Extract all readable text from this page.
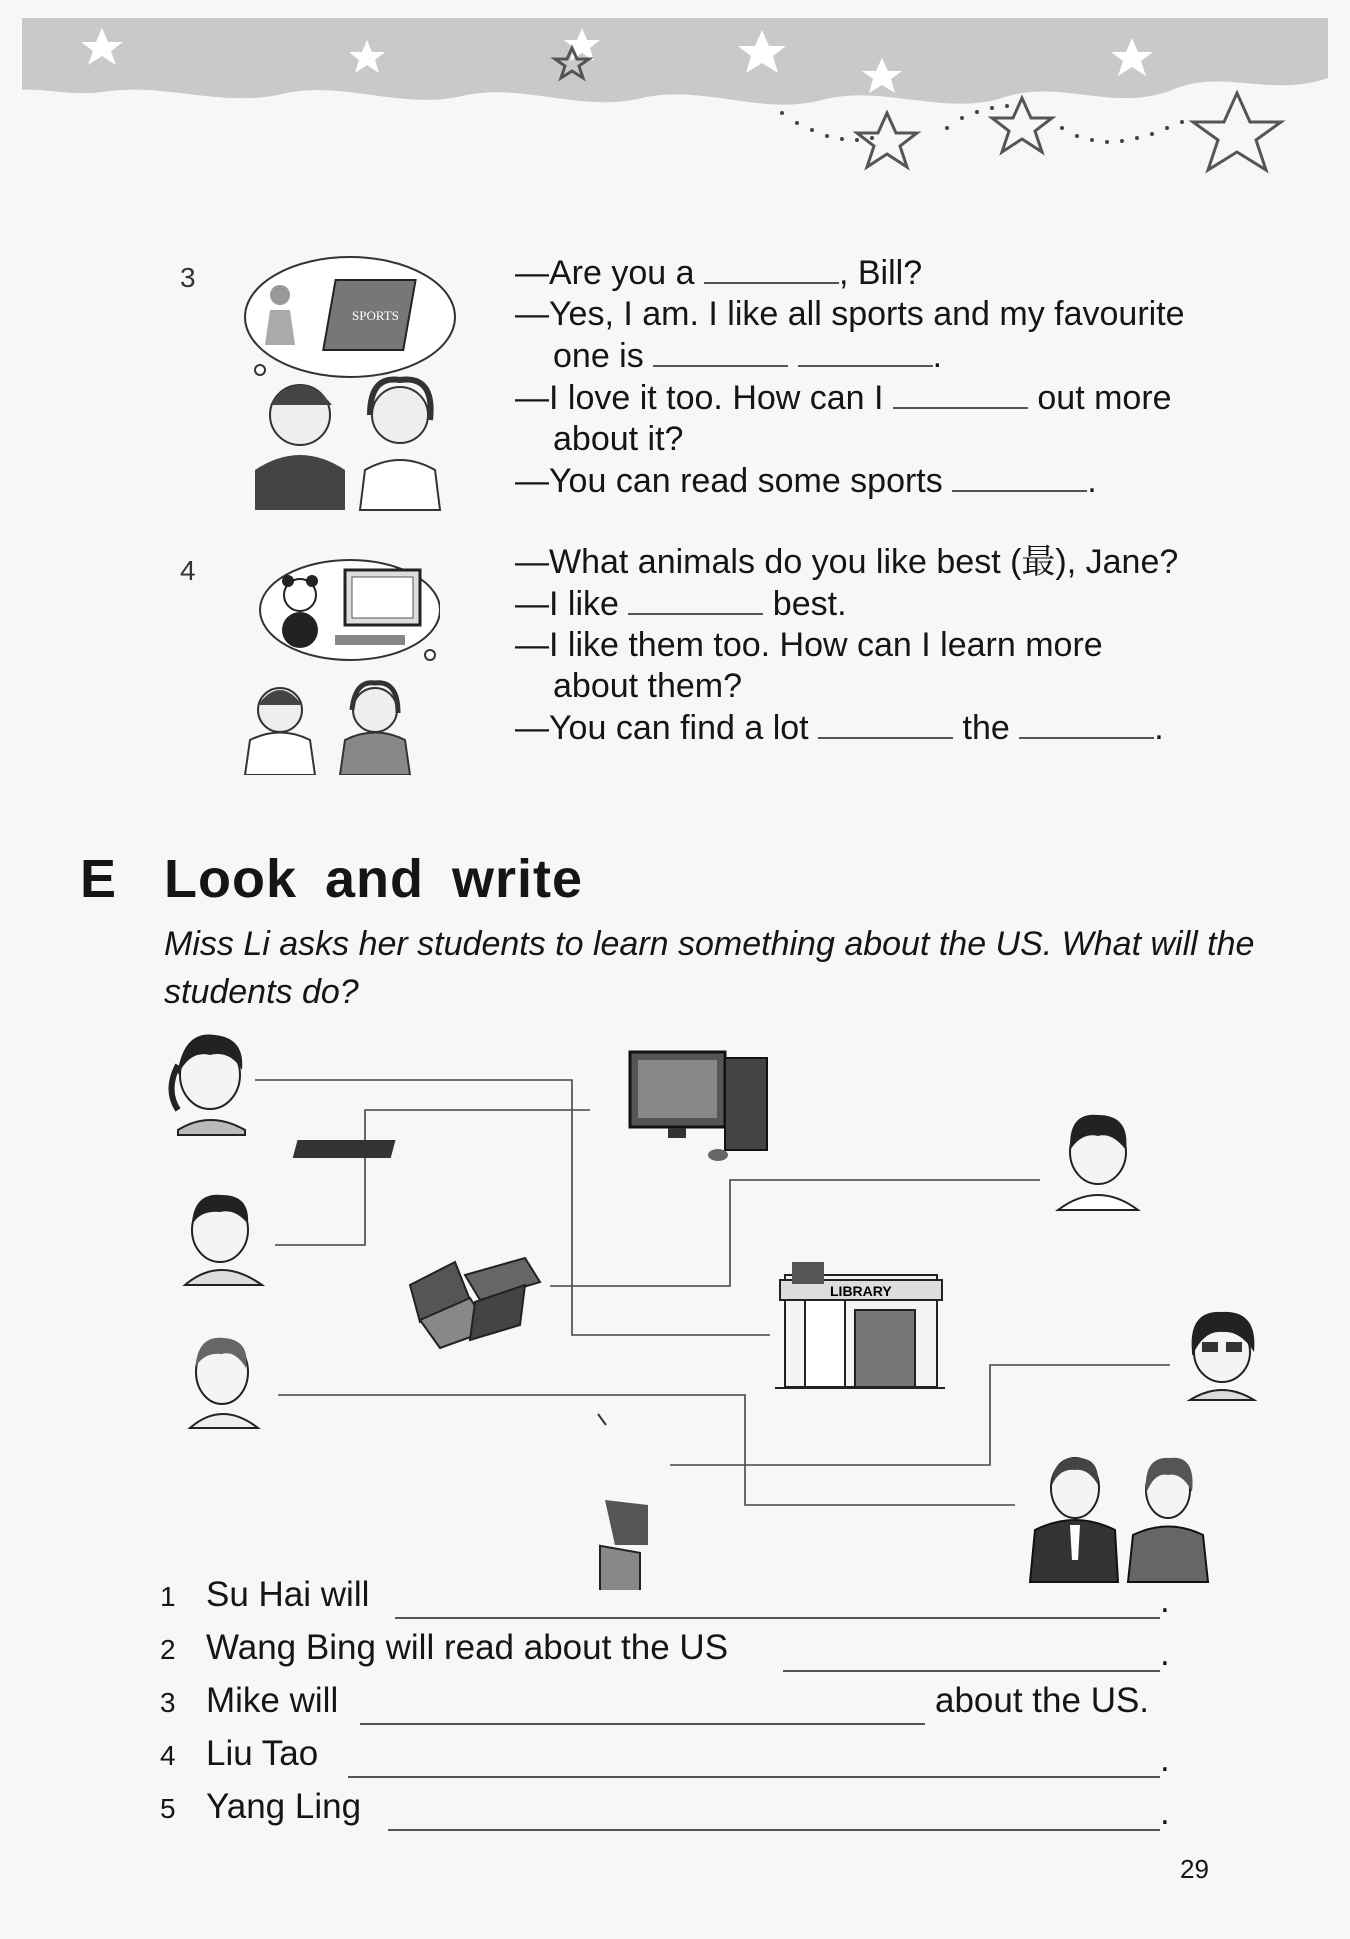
3
SPORTS
—Are you a	, Bill?
—Yes, I am. I like all sports and my favourite
one is	.
—I love it too. How can I	out more
about it?
—You can read some sports	.
4	—What animals do you like best (最), Jane?
—I like	best.
—I like them too. How can I learn more
about them?
—You can find a lot	the	.
E Look and write
Miss Li asks her students to learn something about the US. What will the students do?
LIBRARY
1 Su Hai will	.
2 Wang Bing will read about the US	.
3 Mike will	about the US.
4 Liu Tao	.
5 Yang Ling	.
29
